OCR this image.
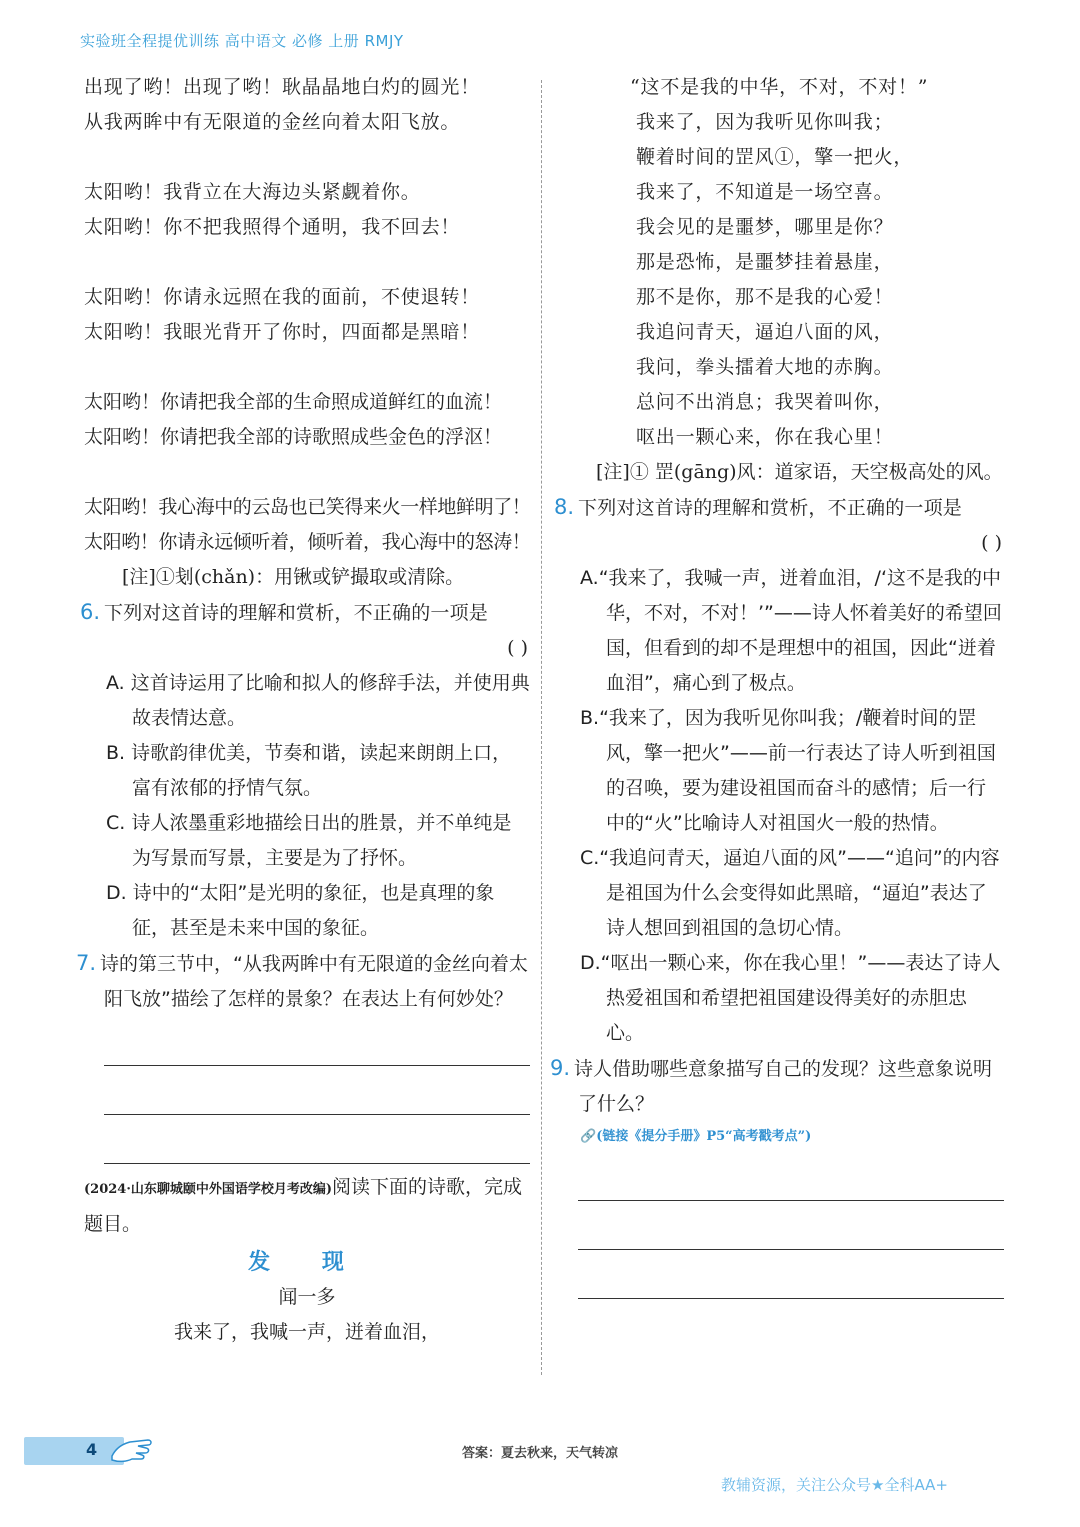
实验班全程提优训练 高中语文 必修 上册 RMJY
出现了哟！出现了哟！耿晶晶地白灼的圆光！
从我两眸中有无限道的金丝向着太阳飞放。
太阳哟！我背立在大海边头紧觑着你。
太阳哟！你不把我照得个通明，我不回去！
太阳哟！你请永远照在我的面前，不使退转！
太阳哟！我眼光背开了你时，四面都是黑暗！
太阳哟！你请把我全部的生命照成道鲜红的血流！
太阳哟！你请把我全部的诗歌照成些金色的浮沤！
太阳哟！我心海中的云岛也已笑得来火一样地鲜明了！
太阳哟！你请永远倾听着，倾听着，我心海中的怒涛！
[注]①刬(chǎn)：用锹或铲撮取或清除。
6. 下列对这首诗的理解和赏析，不正确的一项是
( )
A. 这首诗运用了比喻和拟人的修辞手法，并使用典故表情达意。
B. 诗歌韵律优美，节奏和谐，读起来朗朗上口，富有浓郁的抒情气氛。
C. 诗人浓墨重彩地描绘日出的胜景，并不单纯是为写景而写景，主要是为了抒怀。
D. 诗中的“太阳”是光明的象征，也是真理的象征，甚至是未来中国的象征。
7. 诗的第三节中，“从我两眸中有无限道的金丝向着太阳飞放”描绘了怎样的景象？在表达上有何妙处？
(2024·山东聊城颐中外国语学校月考改编)阅读下面的诗歌，完成题目。
发 现
闻一多
我来了，我喊一声，迸着血泪，
“这不是我的中华，不对，不对！”
我来了，因为我听见你叫我；
鞭着时间的罡风①，擎一把火，
我来了，不知道是一场空喜。
我会见的是噩梦，哪里是你？
那是恐怖，是噩梦挂着悬崖，
那不是你，那不是我的心爱！
我追问青天，逼迫八面的风，
我问，拳头擂着大地的赤胸。
总问不出消息；我哭着叫你，
呕出一颗心来，你在我心里！
[注]① 罡(gāng)风：道家语，天空极高处的风。
8. 下列对这首诗的理解和赏析，不正确的一项是
( )
A.“我来了，我喊一声，迸着血泪，/‘这不是我的中华，不对，不对！’”——诗人怀着美好的希望回国，但看到的却不是理想中的祖国，因此“迸着血泪”，痛心到了极点。
B.“我来了，因为我听见你叫我；/鞭着时间的罡风，擎一把火”——前一行表达了诗人听到祖国的召唤，要为建设祖国而奋斗的感情；后一行中的“火”比喻诗人对祖国火一般的热情。
C.“我追问青天，逼迫八面的风”——“追问”的内容是祖国为什么会变得如此黑暗，“逼迫”表达了诗人想回到祖国的急切心情。
D.“呕出一颗心来，你在我心里！”——表达了诗人热爱祖国和希望把祖国建设得美好的赤胆忠心。
9. 诗人借助哪些意象描写自己的发现？这些意象说明了什么？
🔗(链接《提分手册》P5“高考戳考点”)
4	答案：夏去秋来，天气转凉
教辅资源，关注公众号★全科AA+
